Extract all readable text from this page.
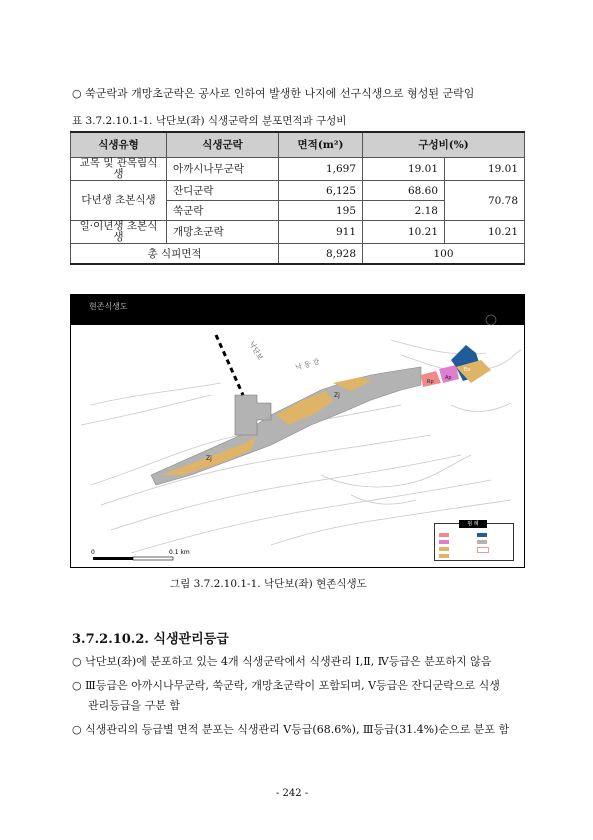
○ 쑥군락과 개망초군락은 공사로 인하여 발생한 나지에 선구식생으로 형성된 군락임
표 3.7.2.10.1-1. 낙단보(좌) 식생군락의 분포면적과 구성비
식생유형	식생군락	면적(m²)	구성비(%)	
교목 및 관목림식생	아까시나무군락	1,697	19.01	19.01
다년생 초본식생	잔디군락	6,125	68.60	70.78
	쑥군락	195	2.18	
일·이년생 초본식생	개망초군락	911	10.21	10.21
총 식피면적		8,928	100	
현존식생도
낙단보
낙 동 강
Zj
Zj
Ea
Ap
Rp
0	0.1 km
범 례
그림 3.7.2.10.1-1. 낙단보(좌) 현존식생도
3.7.2.10.2. 식생관리등급
○ 낙단보(좌)에 분포하고 있는 4개 식생군락에서 식생관리 Ⅰ,Ⅱ, Ⅳ등급은 분포하지 않음
○ Ⅲ등급은 아까시나무군락, 쑥군락, 개망초군락이 포함되며, Ⅴ등급은 잔디군락으로 식생
관리등급을 구분 함
○ 식생관리의 등급별 면적 분포는 식생관리 Ⅴ등급(68.6%), Ⅲ등급(31.4%)순으로 분포 함
- 242 -
